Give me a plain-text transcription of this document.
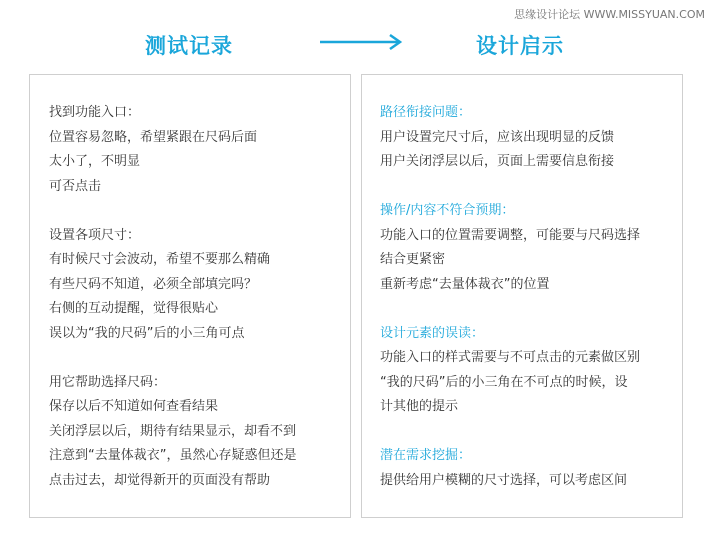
思缘设计论坛 WWW.MISSYUAN.COM
测试记录	设计启示
找到功能入口：
位置容易忽略，希望紧跟在尺码后面
太小了，不明显
可否点击
设置各项尺寸：
有时候尺寸会波动，希望不要那么精确
有些尺码不知道，必须全部填完吗？
右侧的互动提醒，觉得很贴心
误以为“我的尺码”后的小三角可点
用它帮助选择尺码：
保存以后不知道如何查看结果
关闭浮层以后，期待有结果显示，却看不到
注意到“去量体裁衣”，虽然心存疑惑但还是
点击过去，却觉得新开的页面没有帮助
路径衔接问题：
用户设置完尺寸后，应该出现明显的反馈
用户关闭浮层以后，页面上需要信息衔接
操作/内容不符合预期：
功能入口的位置需要调整，可能要与尺码选择
结合更紧密
重新考虑“去量体裁衣”的位置
设计元素的误读：
功能入口的样式需要与不可点击的元素做区别
“我的尺码”后的小三角在不可点的时候，设
计其他的提示
潜在需求挖掘：
提供给用户模糊的尺寸选择，可以考虑区间
